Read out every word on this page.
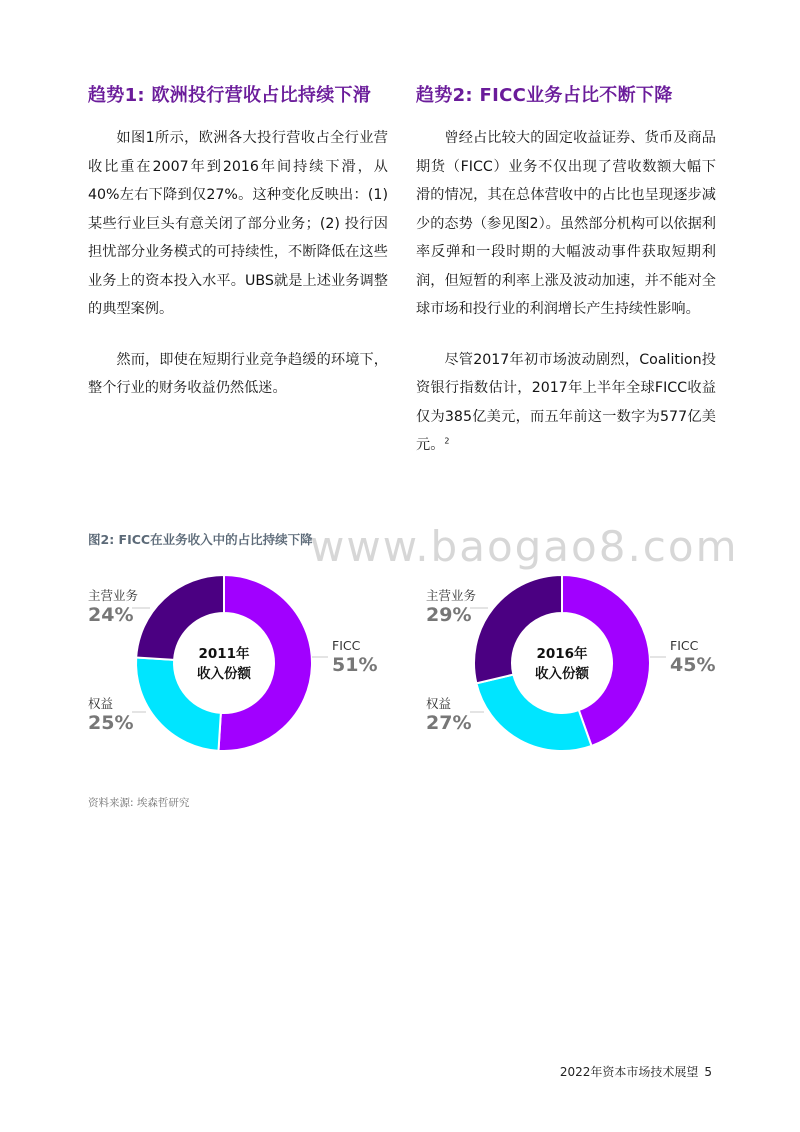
趋势1: 欧洲投行营收占比持续下滑

如图1所示，欧洲各大投行营收占全行业营收比重在2007年到2016年间持续下滑，从40%左右下降到仅27%。这种变化反映出：(1)某些行业巨头有意关闭了部分业务；(2) 投行因担忧部分业务模式的可持续性，不断降低在这些业务上的资本投入水平。UBS就是上述业务调整的典型案例。

然而，即使在短期行业竞争趋缓的环境下，整个行业的财务收益仍然低迷。

趋势2: FICC业务占比不断下降

曾经占比较大的固定收益证券、货币及商品期货（FICC）业务不仅出现了营收数额大幅下滑的情况，其在总体营收中的占比也呈现逐步减少的态势（参见图2）。虽然部分机构可以依据利率反弹和一段时期的大幅波动事件获取短期利润，但短暂的利率上涨及波动加速，并不能对全球市场和投行业的利润增长产生持续性影响。

尽管2017年初市场波动剧烈，Coalition投资银行指数估计，2017年上半年全球FICC收益仅为385亿美元，而五年前这一数字为577亿美元。$^2$

图2: FICC在业务收入中的占比持续下降

www.baogao8.com
2011年
收入份额
主营业务
24%
权益
25%
FICC
51%	2016年
收入份额
主营业务
29%
权益
27%
FICC
45%

资料来源: 埃森哲研究

2022年资本市场技术展望 5
